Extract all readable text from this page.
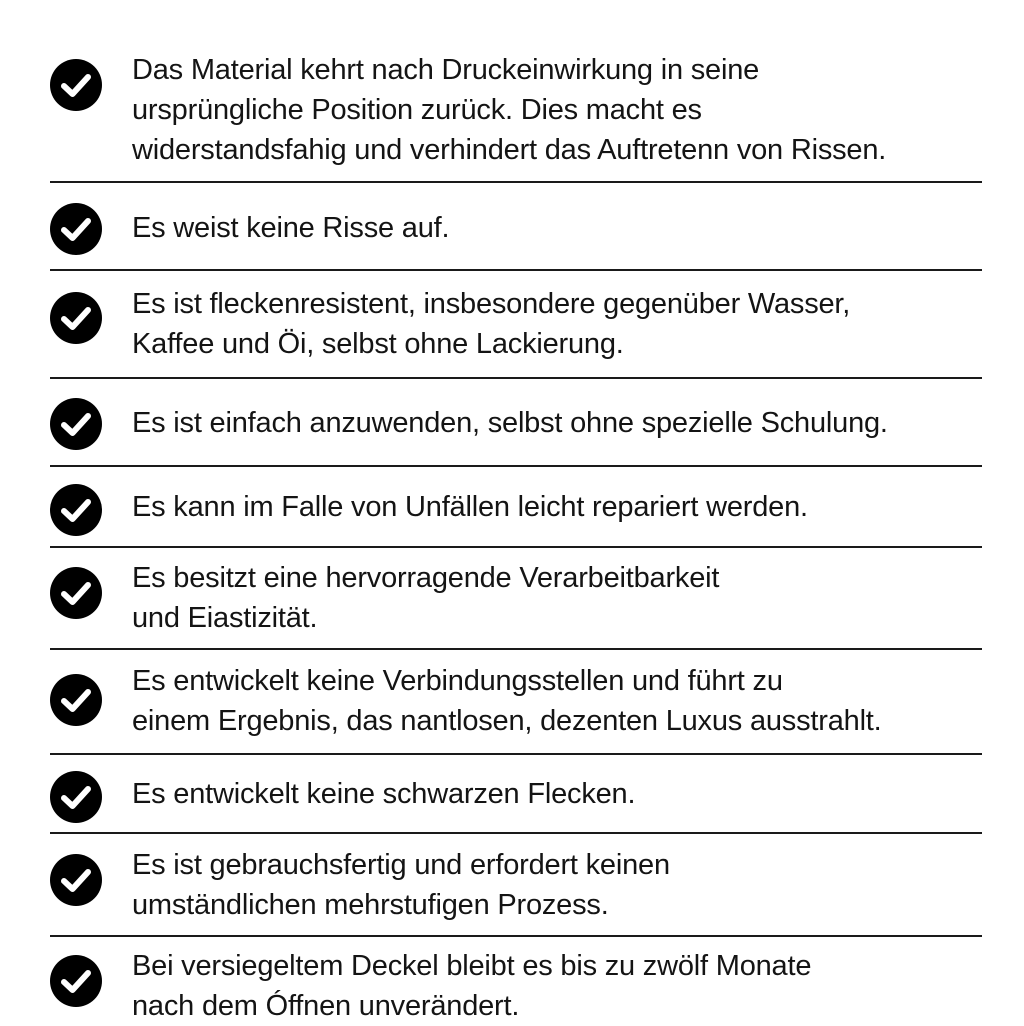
Das Material kehrt nach Druckeinwirkung in seine
ursprüngliche Position zurück. Dies macht es
widerstandsfahig und verhindert das Auftretenn von Rissen.
Es weist keine Risse auf.
Es ist fleckenresistent, insbesondere gegenüber Wasser,
Kaffee und Öi, selbst ohne Lackierung.
Es ist einfach anzuwenden, selbst ohne spezielle Schulung.
Es kann im Falle von Unfällen leicht repariert werden.
Es besitzt eine hervorragende Verarbeitbarkeit
und Eiastizität.
Es entwickelt keine Verbindungsstellen und führt zu
einem Ergebnis, das nantlosen, dezenten Luxus ausstrahlt.
Es entwickelt keine schwarzen Flecken.
Es ist gebrauchsfertig und erfordert keinen
umständlichen mehrstufigen Prozess.
Bei versiegeltem Deckel bleibt es bis zu zwölf Monate
nach dem Óffnen unverändert.
